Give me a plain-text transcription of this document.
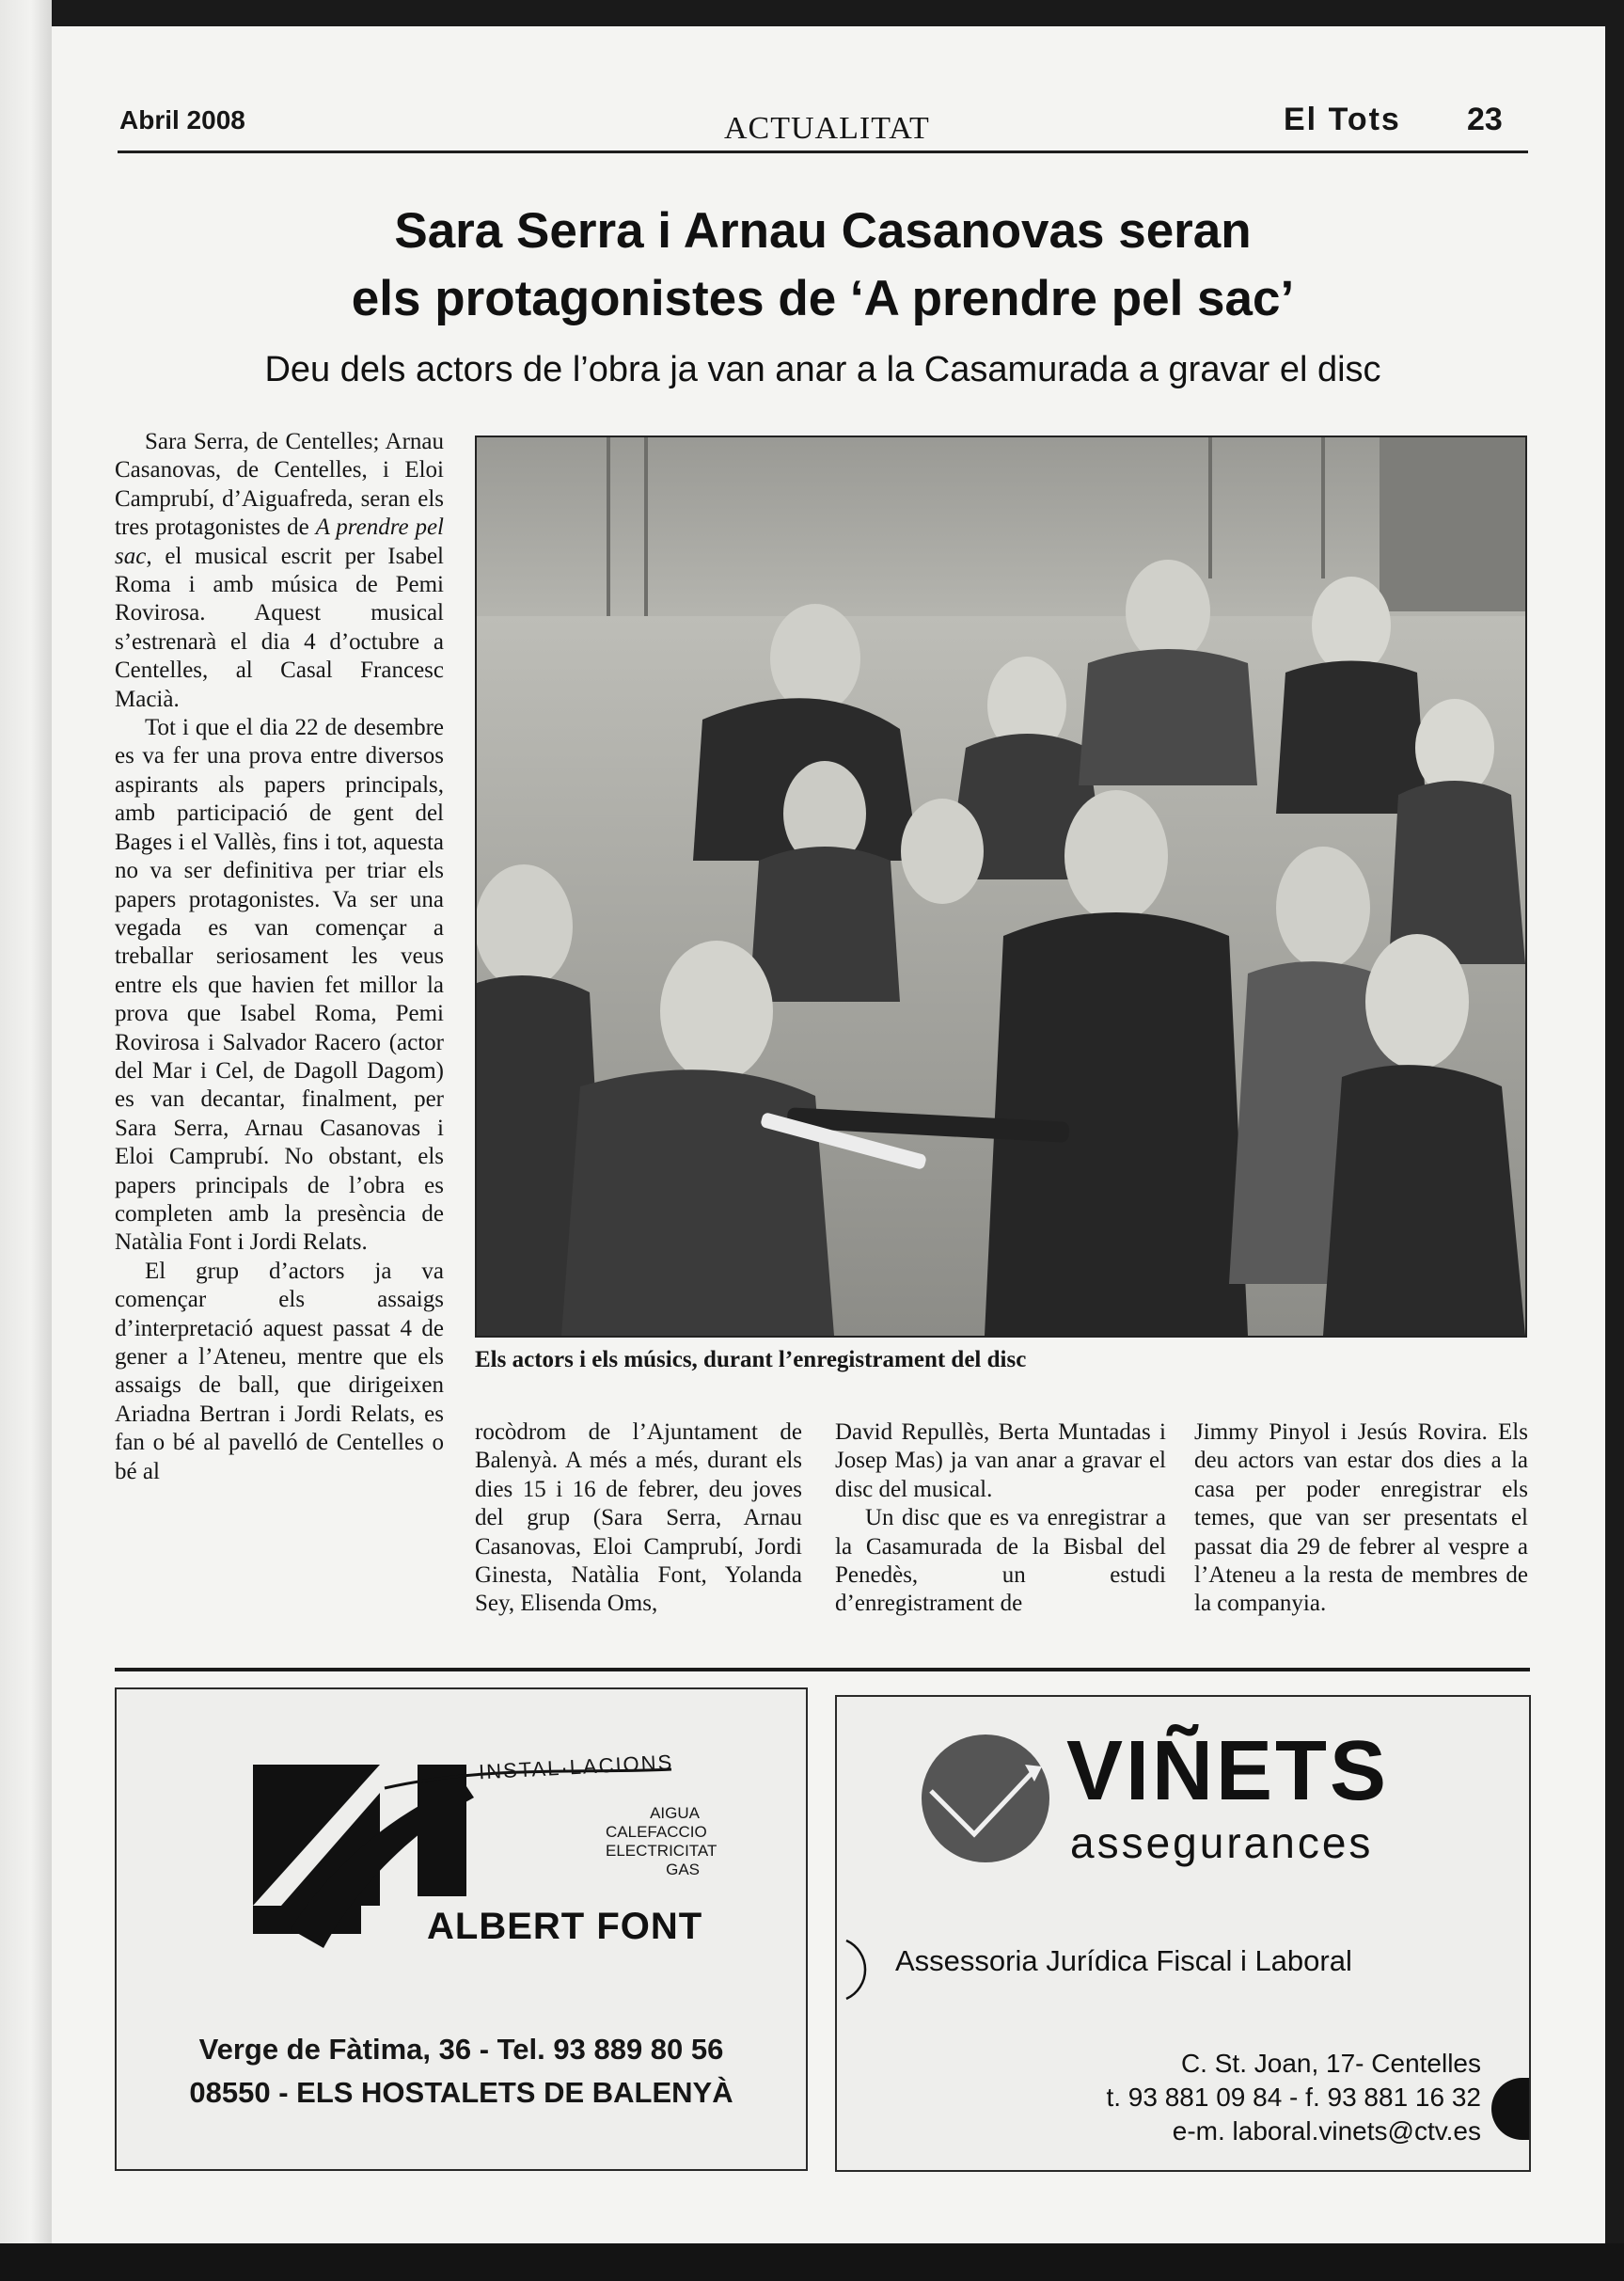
Abril 2008	ACTUALITAT	El Tots 23
Sara Serra i Arnau Casanovas seran
els protagonistes de ‘A prendre pel sac’
Deu dels actors de l’obra ja van anar a la Casamurada a gravar el disc

Sara Serra, de Centelles; Arnau Casanovas, de Centelles, i Eloi Camprubí, d’Aiguafreda, seran els tres protagonistes de A prendre pel sac, el musical escrit per Isabel Roma i amb música de Pemi Rovirosa. Aquest musical s’estrenarà el dia 4 d’octubre a Centelles, al Casal Francesc Macià.

Tot i que el dia 22 de desembre es va fer una prova entre diversos aspirants als papers principals, amb participació de gent del Bages i el Vallès, fins i tot, aquesta no va ser definitiva per triar els papers protagonistes. Va ser una vegada es van començar a treballar seriosament les veus entre els que havien fet millor la prova que Isabel Roma, Pemi Rovirosa i Salvador Racero (actor del Mar i Cel, de Dagoll Dagom) es van decantar, finalment, per Sara Serra, Arnau Casanovas i Eloi Camprubí. No obstant, els papers principals de l’obra es completen amb la presència de Natàlia Font i Jordi Relats.

El grup d’actors ja va començar els assaigs d’interpretació aquest passat 4 de gener a l’Ateneu, mentre que els assaigs de ball, que dirigeixen Ariadna Bertran i Jordi Relats, es fan o bé al pavelló de Centelles o bé al

Els actors i els músics, durant l’enregistrament del disc

rocòdrom de l’Ajuntament de Balenyà. A més a més, durant els dies 15 i 16 de febrer, deu joves del grup (Sara Serra, Arnau Casanovas, Eloi Camprubí, Jordi Ginesta, Natàlia Font, Yolanda Sey, Elisenda Oms,

David Repullès, Berta Muntadas i Josep Mas) ja van anar a gravar el disc del musical.

Un disc que es va enregistrar a la Casamurada de la Bisbal del Penedès, un estudi d’enregistrament de

Jimmy Pinyol i Jesús Rovira. Els deu actors van estar dos dies a la casa per poder enregistrar els temes, que van ser presentats el passat dia 29 de febrer al vespre a l’Ateneu a la resta de membres de la companyia.

INSTAL·LACIONS
AIGUA
CALEFACCIO
ELECTRICITAT
GAS
ALBERT FONT
Verge de Fàtima, 36 - Tel. 93 889 80 56
08550 - ELS HOSTALETS DE BALENYÀ
VIÑETS
assegurances
Assessoria Jurídica Fiscal i Laboral
C. St. Joan, 17- Centelles
t. 93 881 09 84 - f. 93 881 16 32
e-m. laboral.vinets@ctv.es
